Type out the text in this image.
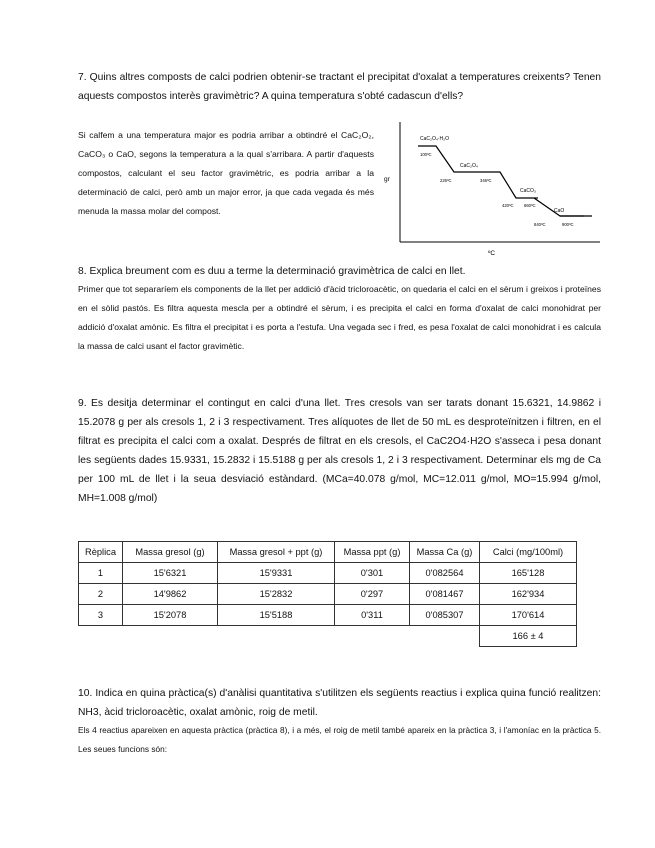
7. Quins altres composts de calci podrien obtenir-se tractant el precipitat d'oxalat a temperatures creixents? Tenen aquests compostos interès gravimètric? A quina temperatura s'obté cadascun d'ells?

Si calfem a una temperatura major es podria arribar a obtindré el CaC₂O₂, CaCO₃ o CaO, segons la temperatura a la qual s'arribara. A partir d'aquests compostos, calculant el seu factor gravimètric, es podria arribar a la determinació de calci, però amb un major error, ja que cada vegada és més menuda la massa molar del compost.

gr
ºC
CaC₂O₄·H₂O
CaC₂O₄
CaCO₃
CaO
100ºC
226ºC	346ºC
420ºC 660ºC
840ºC	900ºC

8. Explica breument com es duu a terme la determinació gravimètrica de calci en llet.

Primer que tot separaríem els components de la llet per addició d'àcid tricloroacètic, on quedaria el calci en el sèrum i greixos i proteïnes en el sòlid pastós. Es filtra aquesta mescla per a obtindré el sèrum, i es precipita el calci en forma d'oxalat de calci monohidrat per addició d'oxalat amònic. Es filtra el precipitat i es porta a l'estufa. Una vegada sec i fred, es pesa l'oxalat de calci monohidrat i es calcula la massa de calci usant el factor gravimètic.

9. Es desitja determinar el contingut en calci d'una llet. Tres cresols van ser tarats donant 15.6321, 14.9862 i 15.2078 g per als cresols 1, 2 i 3 respectivament. Tres alíquotes de llet de 50 mL es desproteïnitzen i filtren, en el filtrat es precipita el calci com a oxalat. Després de filtrat en els cresols, el CaC2O4·H2O s'asseca i pesa donant les següents dades 15.9331, 15.2832 i 15.5188 g per als cresols 1, 2 i 3 respectivament. Determinar els mg de Ca per 100 mL de llet i la seua desviació estàndard. (MCa=40.078 g/mol, MC=12.011 g/mol, MO=15.994 g/mol, MH=1.008 g/mol)

Rèplica	Massa gresol (g)	Massa gresol + ppt (g)	Massa ppt (g)	Massa Ca (g)	Calci (mg/100ml)
1	15'6321	15'9331	0'301	0'082564	165'128
2	14'9862	15'2832	0'297	0'081467	162'934
3	15'2078	15'5188	0'311	0'085307	170'614
					166 ± 4

10. Indica en quina pràctica(s) d'anàlisi quantitativa s'utilitzen els següents reactius i explica quina funció realitzen: NH3, àcid tricloroacètic, oxalat amònic, roig de metil.

Els 4 reactius apareixen en aquesta pràctica (pràctica 8), i a més, el roig de metil també apareix en la pràctica 3, i l'amoníac en la pràctica 5. Les seues funcions són:
